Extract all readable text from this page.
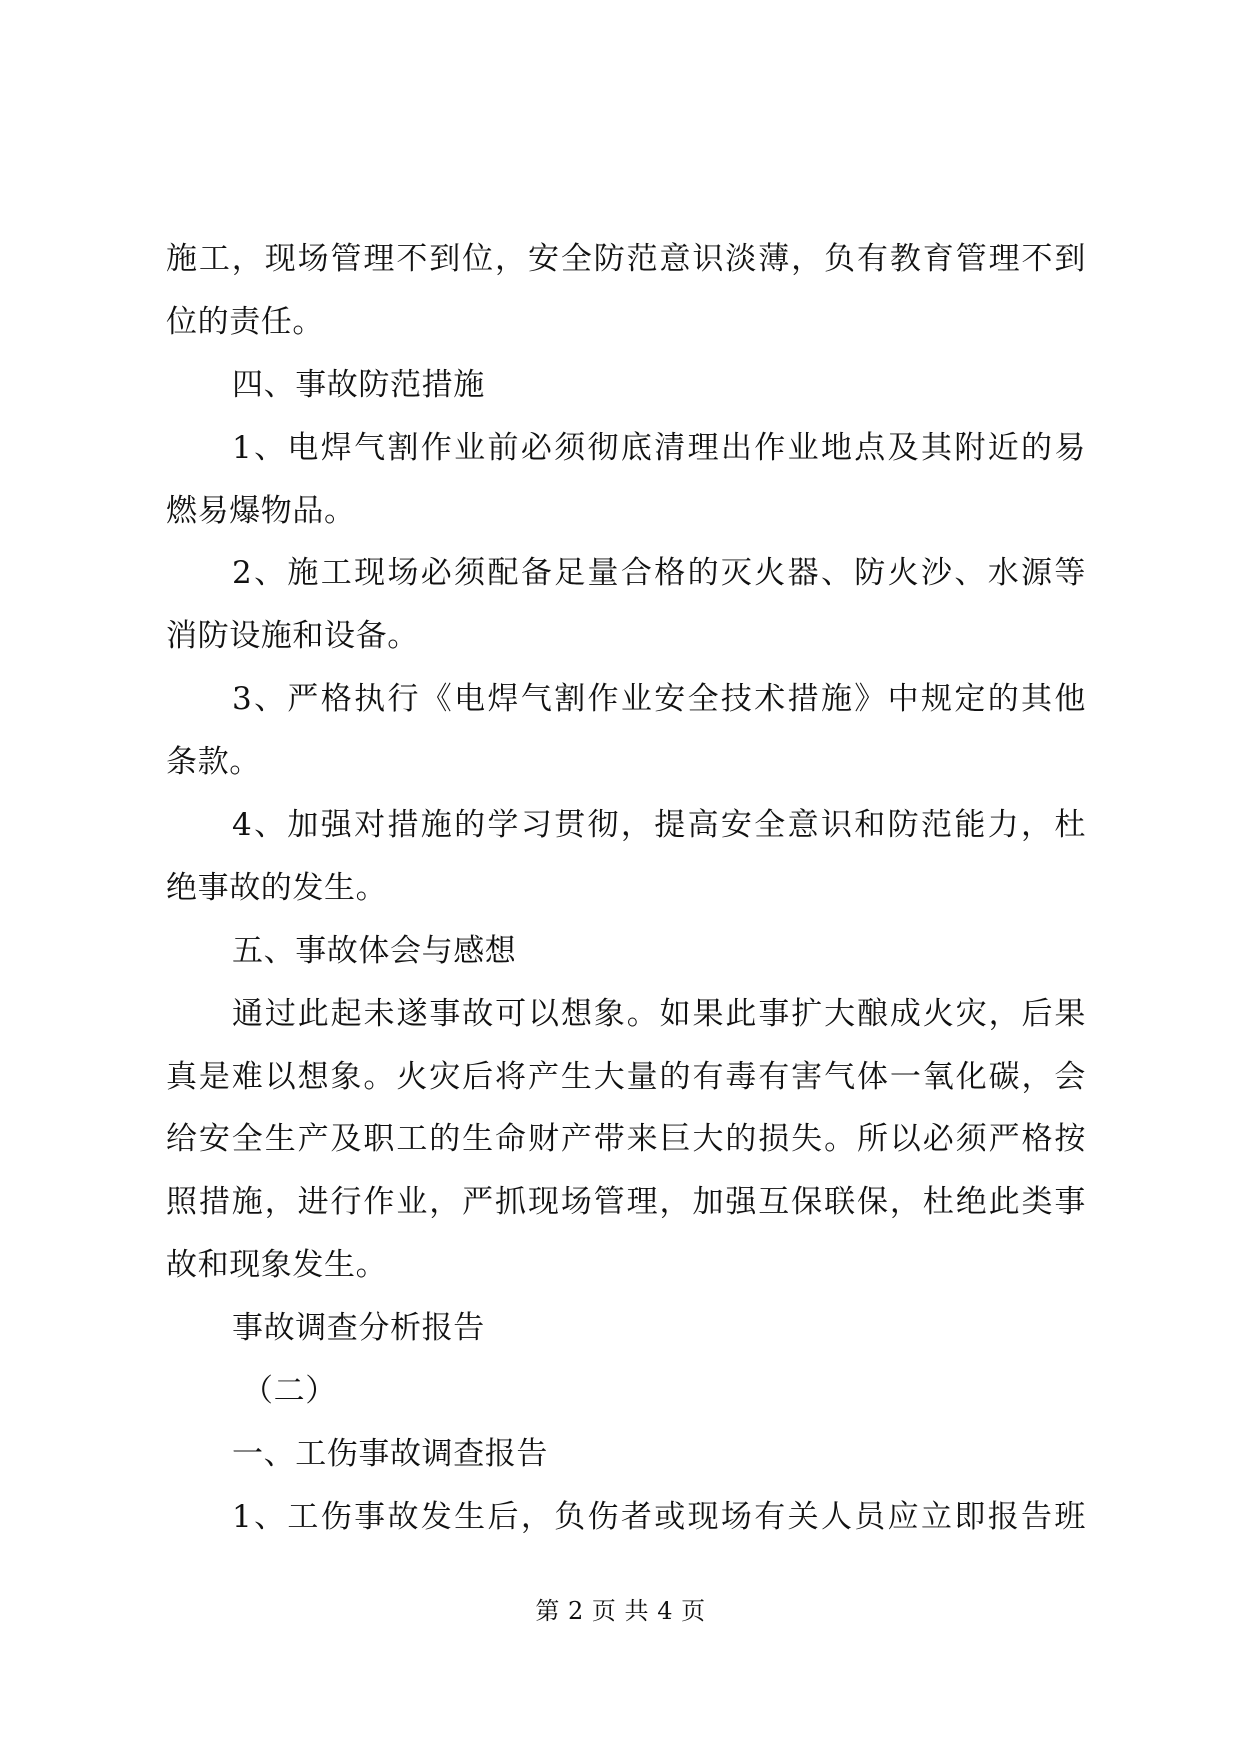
施工，现场管理不到位，安全防范意识淡薄，负有教育管理不到
位的责任。
四、事故防范措施
1、电焊气割作业前必须彻底清理出作业地点及其附近的易
燃易爆物品。
2、施工现场必须配备足量合格的灭火器、防火沙、水源等
消防设施和设备。
3、严格执行《电焊气割作业安全技术措施》中规定的其他
条款。
4、加强对措施的学习贯彻，提高安全意识和防范能力，杜
绝事故的发生。
五、事故体会与感想
通过此起未遂事故可以想象。如果此事扩大酿成火灾，后果
真是难以想象。火灾后将产生大量的有毒有害气体一氧化碳，会
给安全生产及职工的生命财产带来巨大的损失。所以必须严格按
照措施，进行作业，严抓现场管理，加强互保联保，杜绝此类事
故和现象发生。
事故调查分析报告
（二）
一、工伤事故调查报告
1、工伤事故发生后，负伤者或现场有关人员应立即报告班
第 2 页 共 4 页
